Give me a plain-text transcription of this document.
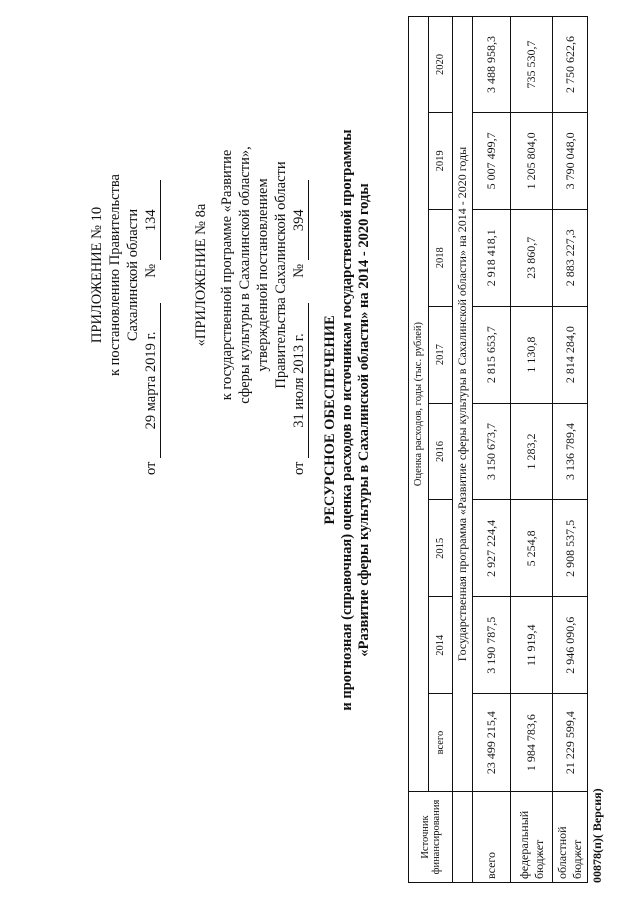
ПРИЛОЖЕНИЕ № 10 к постановлению Правительства Сахалинской области
от 29 марта 2019 г.  № 134 «ПРИЛОЖЕНИЕ № 8а к государственной программе «Развитие сферы культуры в Сахалинской области», утвержденной постановлением Правительства Сахалинской области
от 31 июля 2013 г.  № 394
РЕСУРСНОЕ ОБЕСПЕЧЕНИЕ и прогнозная (справочная) оценка расходов по источникам государственной программы «Развитие сферы культуры в Сахалинской области» на 2014 - 2020 годы
Источник финансирования	Оценка расходов, годы (тыс. рублей)							
	всего	2014	2015	2016	2017	2018	2019	2020
	Государственная программа «Развитие сферы культуры в Сахалинской области» на 2014 - 2020 годы							
всего	23 499 215,4	3 190 787,5	2 927 224,4	3 150 673,7	2 815 653,7	2 918 418,1	5 007 499,7	3 488 958,3
федеральный бюджет	1 984 783,6	11 919,4	5 254,8	1 283,2	1 130,8	23 860,7	1 205 804,0	735 530,7
областной бюджет	21 229 599,4	2 946 090,6	2 908 537,5	3 136 789,4	2 814 284,0	2 883 227,3	3 790 048,0	2 750 622,6
00878(п)( Версия)
